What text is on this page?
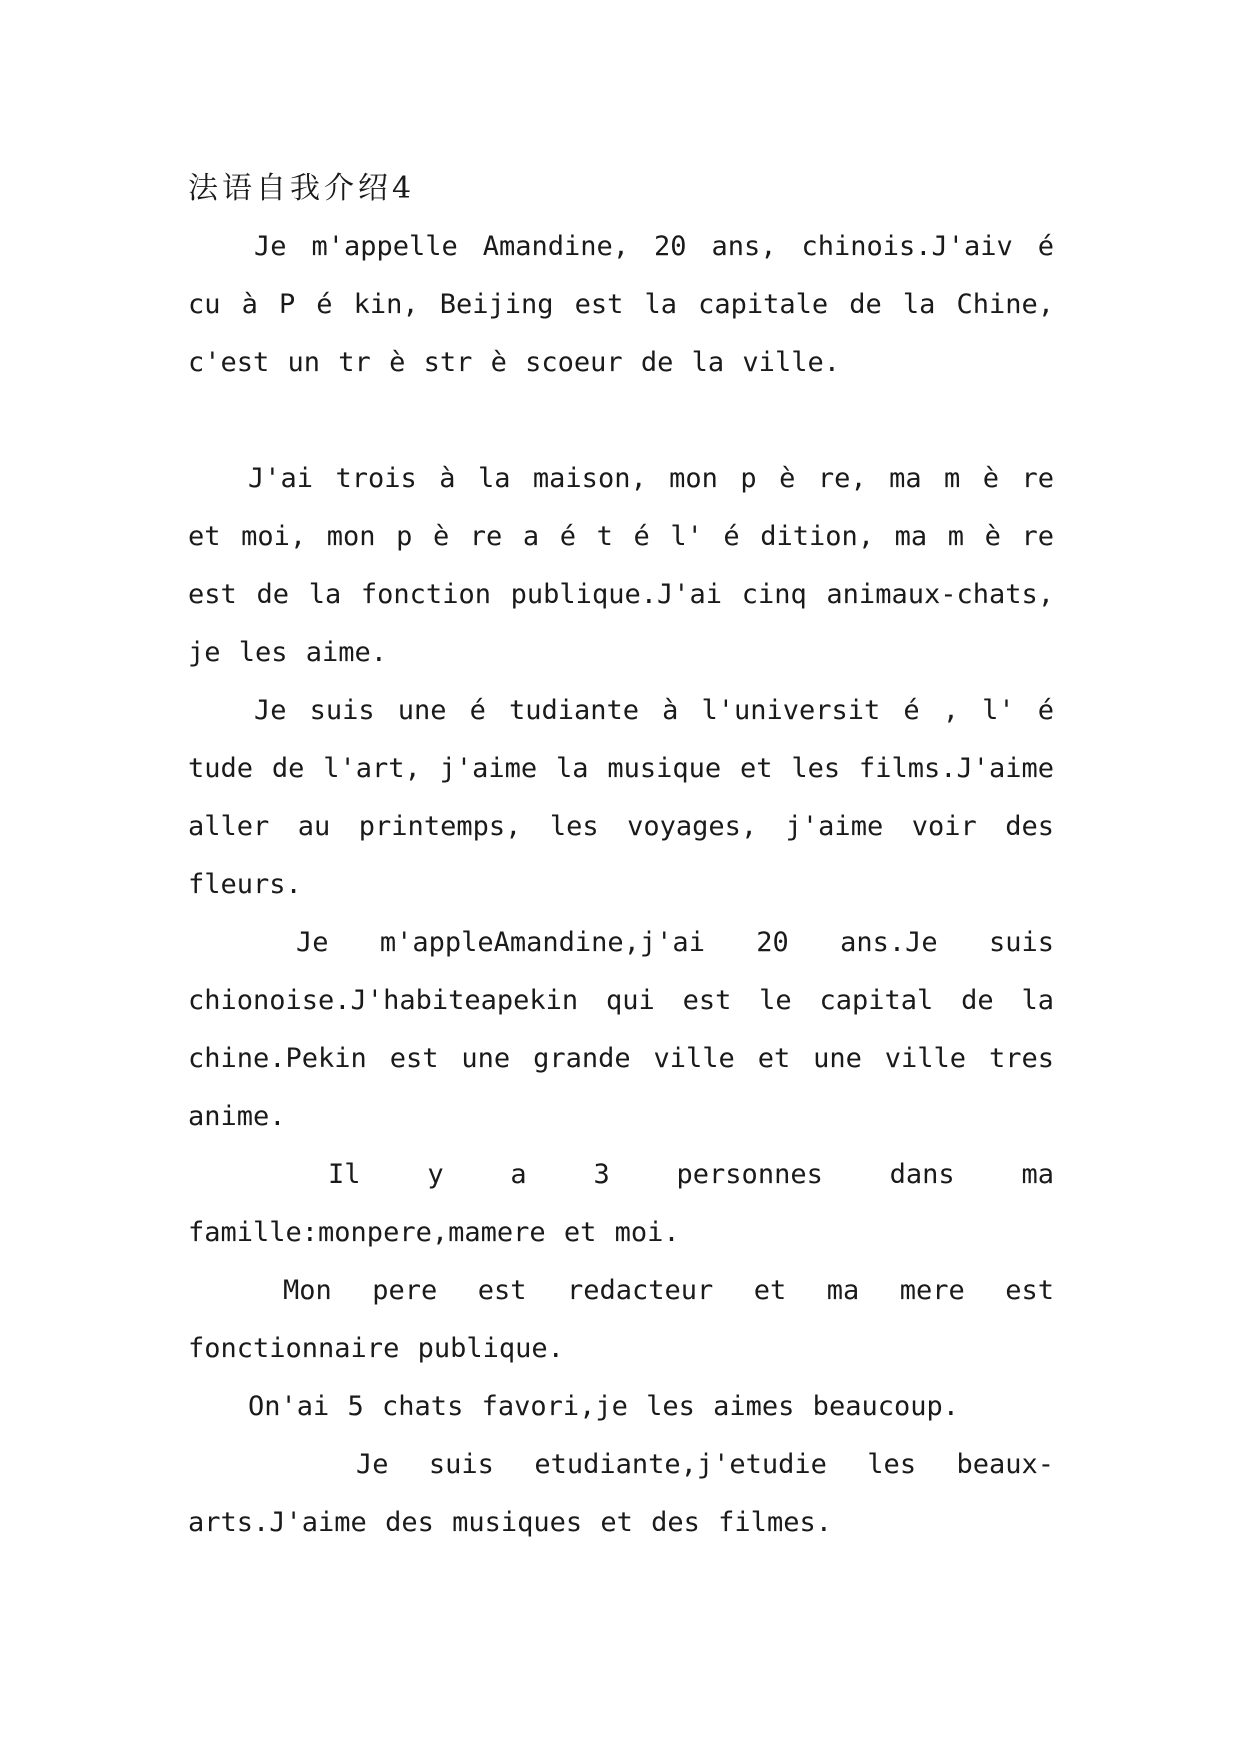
法语自我介绍4

Je m'appelle Amandine, 20 ans, chinois.J'aiv é cu à P é kin, Beijing est la capitale de la Chine, c'est un tr è str è scoeur de la ville.

J'ai trois à la maison, mon p è re, ma m è re et moi, mon p è re a é t é l' é dition, ma m è re est de la fonction publique.J'ai cinq animaux-chats, je les aime.

Je suis une é tudiante à l'universit é , l' é tude de l'art, j'aime la musique et les films.J'aime aller au printemps, les voyages, j'aime voir des fleurs.

Je m'appleAmandine,j'ai 20 ans.Je suis chionoise.J'habiteapekin qui est le capital de la chine.Pekin est une grande ville et une ville tres anime.

Il y a 3 personnes dans ma famille:monpere,mamere et moi.

Mon pere est redacteur et ma mere est fonctionnaire publique.

On'ai 5 chats favori,je les aimes beaucoup.

Je suis etudiante,j'etudie les beaux-arts.J'aime des musiques et des filmes.
